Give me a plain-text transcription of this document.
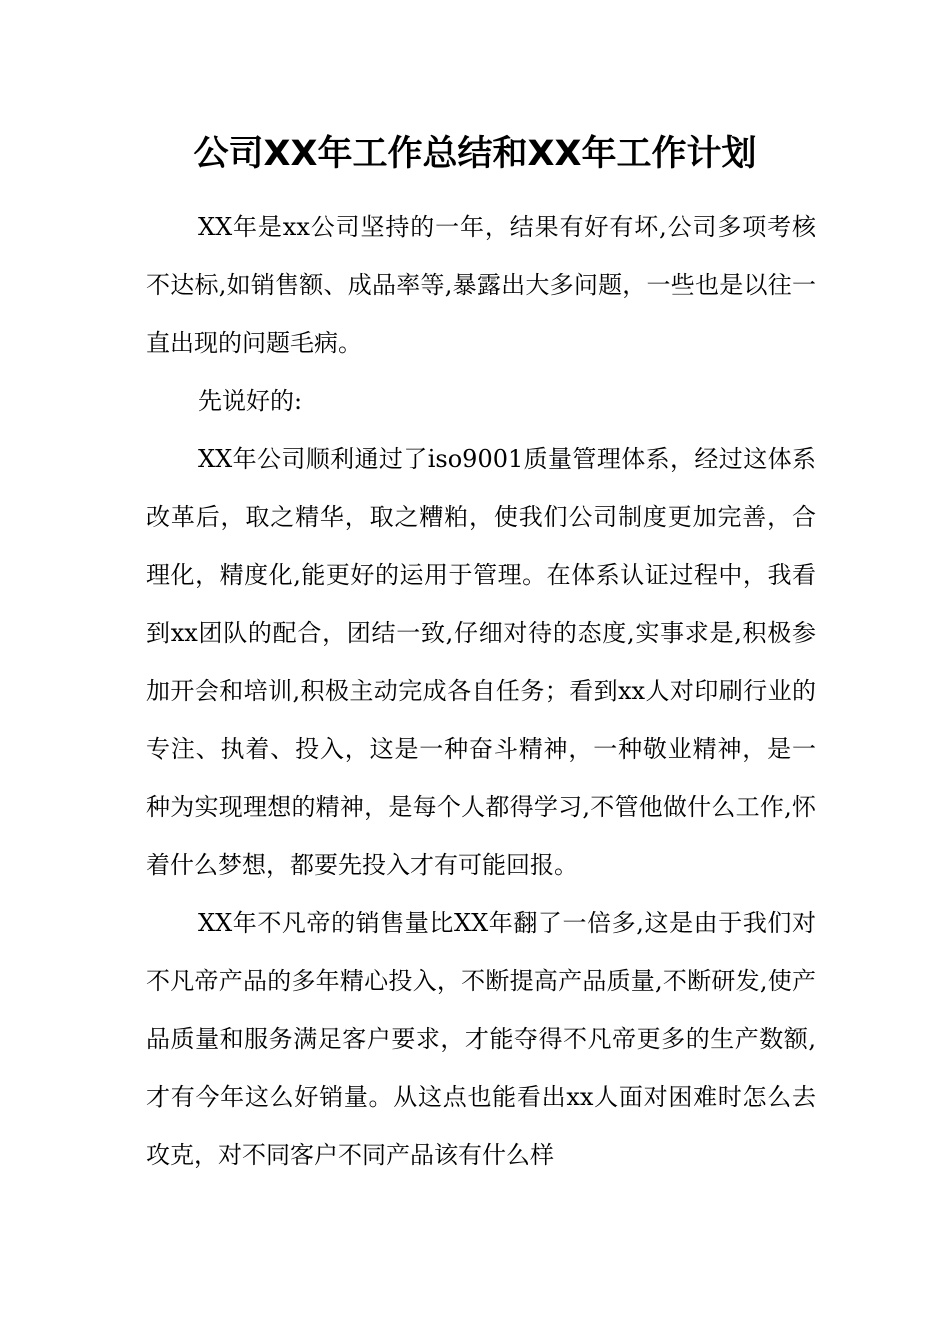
公司XX年工作总结和XX年工作计划

XX年是xx公司坚持的一年，结果有好有坏,公司多项考核不达标,如销售额、成品率等,暴露出大多问题，一些也是以往一直出现的问题毛病。

先说好的:

XX年公司顺利通过了iso9001质量管理体系，经过这体系改革后，取之精华，取之糟粕，使我们公司制度更加完善，合理化，精度化,能更好的运用于管理。在体系认证过程中，我看到xx团队的配合，团结一致,仔细对待的态度,实事求是,积极参加开会和培训,积极主动完成各自任务；看到xx人对印刷行业的专注、执着、投入，这是一种奋斗精神，一种敬业精神，是一种为实现理想的精神，是每个人都得学习,不管他做什么工作,怀着什么梦想，都要先投入才有可能回报。

XX年不凡帝的销售量比XX年翻了一倍多,这是由于我们对不凡帝产品的多年精心投入，不断提高产品质量,不断研发,使产品质量和服务满足客户要求，才能夺得不凡帝更多的生产数额,才有今年这么好销量。从这点也能看出xx人面对困难时怎么去攻克，对不同客户不同产品该有什么样
